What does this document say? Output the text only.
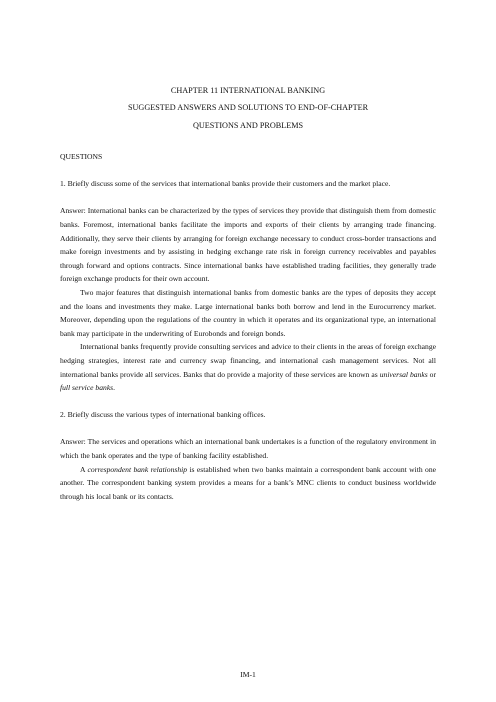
CHAPTER 11 INTERNATIONAL BANKING
SUGGESTED ANSWERS AND SOLUTIONS TO END-OF-CHAPTER
QUESTIONS AND PROBLEMS

QUESTIONS

1. Briefly discuss some of the services that international banks provide their customers and the market place.

Answer: International banks can be characterized by the types of services they provide that distinguish them from domestic banks. Foremost, international banks facilitate the imports and exports of their clients by arranging trade financing. Additionally, they serve their clients by arranging for foreign exchange necessary to conduct cross-border transactions and make foreign investments and by assisting in hedging exchange rate risk in foreign currency receivables and payables through forward and options contracts. Since international banks have established trading facilities, they generally trade foreign exchange products for their own account.

Two major features that distinguish international banks from domestic banks are the types of deposits they accept and the loans and investments they make. Large international banks both borrow and lend in the Eurocurrency market. Moreover, depending upon the regulations of the country in which it operates and its organizational type, an international bank may participate in the underwriting of Eurobonds and foreign bonds.

International banks frequently provide consulting services and advice to their clients in the areas of foreign exchange hedging strategies, interest rate and currency swap financing, and international cash management services. Not all international banks provide all services. Banks that do provide a majority of these services are known as universal banks or full service banks.

2. Briefly discuss the various types of international banking offices.

Answer: The services and operations which an international bank undertakes is a function of the regulatory environment in which the bank operates and the type of banking facility established.

A correspondent bank relationship is established when two banks maintain a correspondent bank account with one another. The correspondent banking system provides a means for a bank’s MNC clients to conduct business worldwide through his local bank or its contacts.

IM-1
